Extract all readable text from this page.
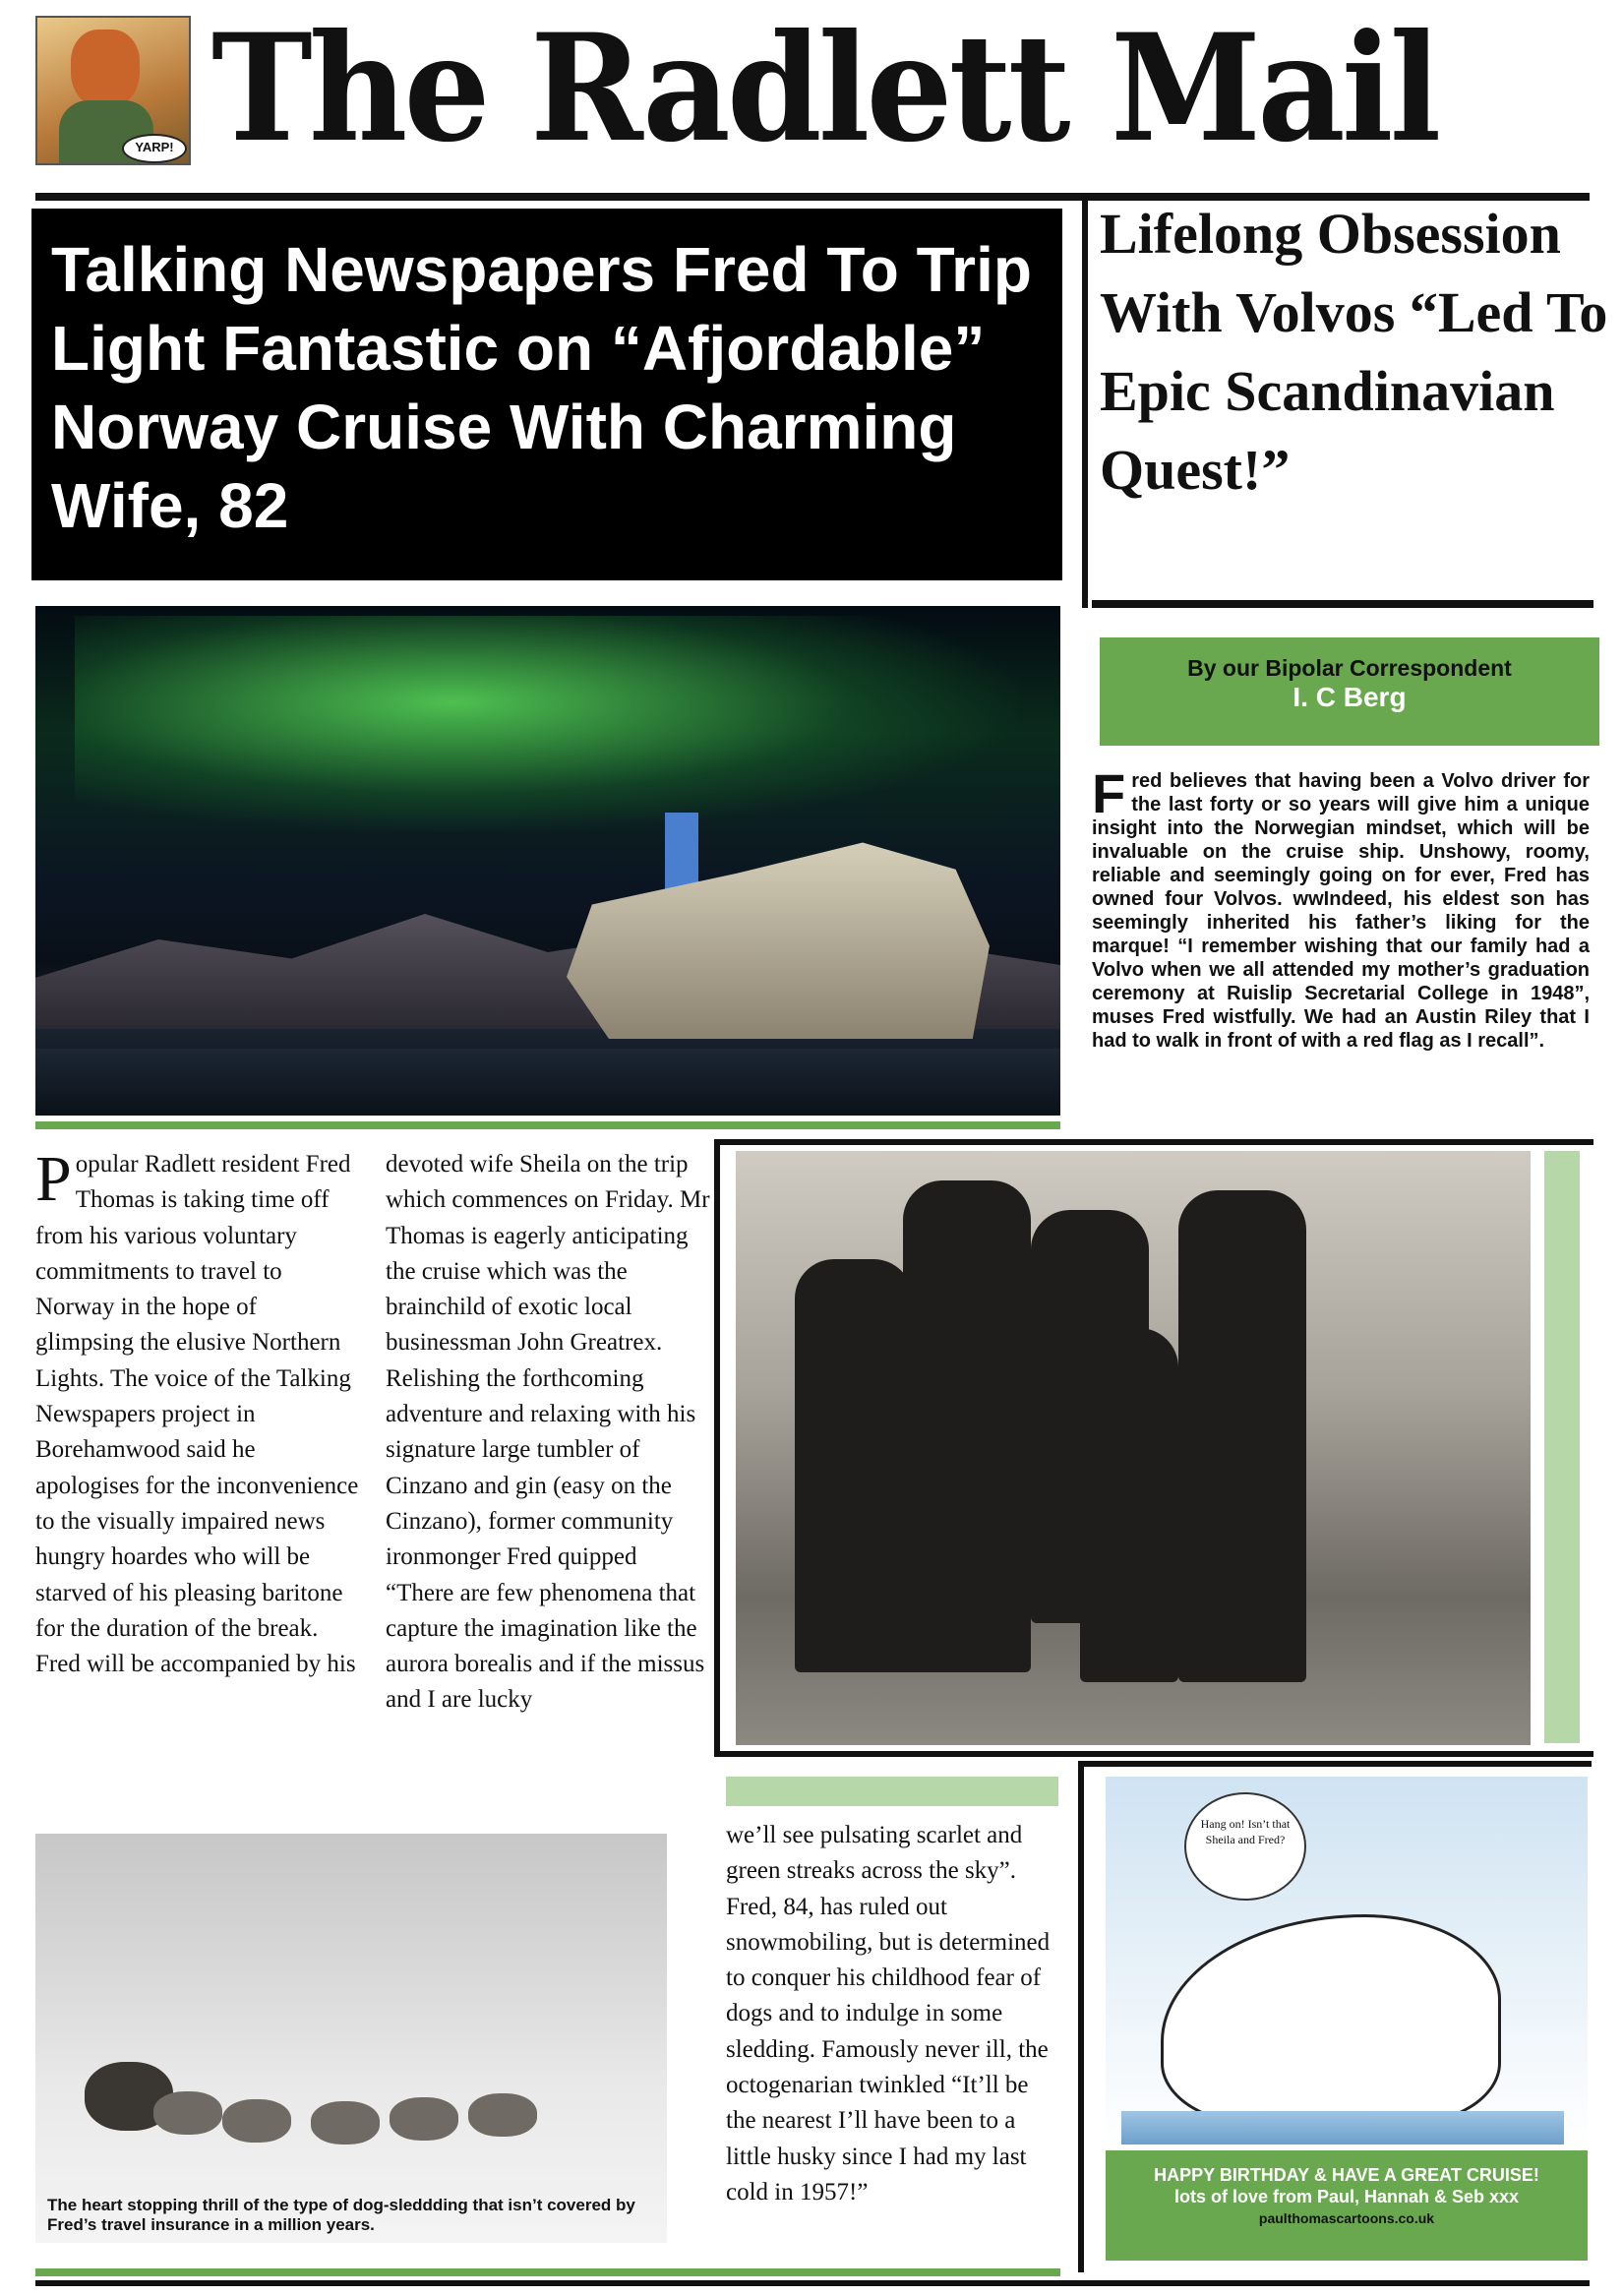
YARP! The Radlett Mail
Talking Newspapers Fred To Trip Light Fantastic on “Afjordable” Norway Cruise With Charming Wife, 82
Lifelong Obsession With Volvos “Led To Epic Scandinavian Quest!”
By our Bipolar Correspondent
I. C Berg
Fred believes that having been a Volvo driver for the last forty or so years will give him a unique insight into the Norwegian mindset, which will be invaluable on the cruise ship. Unshowy, roomy, reliable and seemingly going on for ever, Fred has owned four Volvos. wwIndeed, his eldest son has seemingly inherited his father’s liking for the marque! “I remember wishing that our family had a Volvo when we all attended my mother’s graduation ceremony at Ruislip Secretarial College in 1948”, muses Fred wistfully. We had an Austin Riley that I had to walk in front of with a red flag as I recall”.
Popular Radlett resident Fred Thomas is taking time off from his various voluntary commitments to travel to Norway in the hope of glimpsing the elusive Northern Lights. The voice of the Talking Newspapers project in Borehamwood said he apologises for the inconvenience to the visually impaired news hungry hoardes who will be starved of his pleasing baritone for the duration of the break. Fred will be accompanied by his
devoted wife Sheila on the trip which commences on Friday. Mr Thomas is eagerly anticipating the cruise which was the brainchild of exotic local businessman John Greatrex. Relishing the forthcoming adventure and relaxing with his signature large tumbler of Cinzano and gin (easy on the Cinzano), former community ironmonger Fred quipped “There are few phenomena that capture the imagination like the aurora borealis and if the missus and I are lucky
we’ll see pulsating scarlet and green streaks across the sky”. Fred, 84, has ruled out snowmobiling, but is determined to conquer his childhood fear of dogs and to indulge in some sledding. Famously never ill, the octogenarian twinkled “It’ll be the nearest I’ll have been to a little husky since I had my last cold in 1957!”
The heart stopping thrill of the type of dog-sleddding that isn’t covered by Fred’s travel insurance in a million years.
Hang on! Isn’t that Sheila and Fred?
HAPPY BIRTHDAY & HAVE A GREAT CRUISE!
lots of love from Paul, Hannah & Seb xxx
paulthomascartoons.co.uk
